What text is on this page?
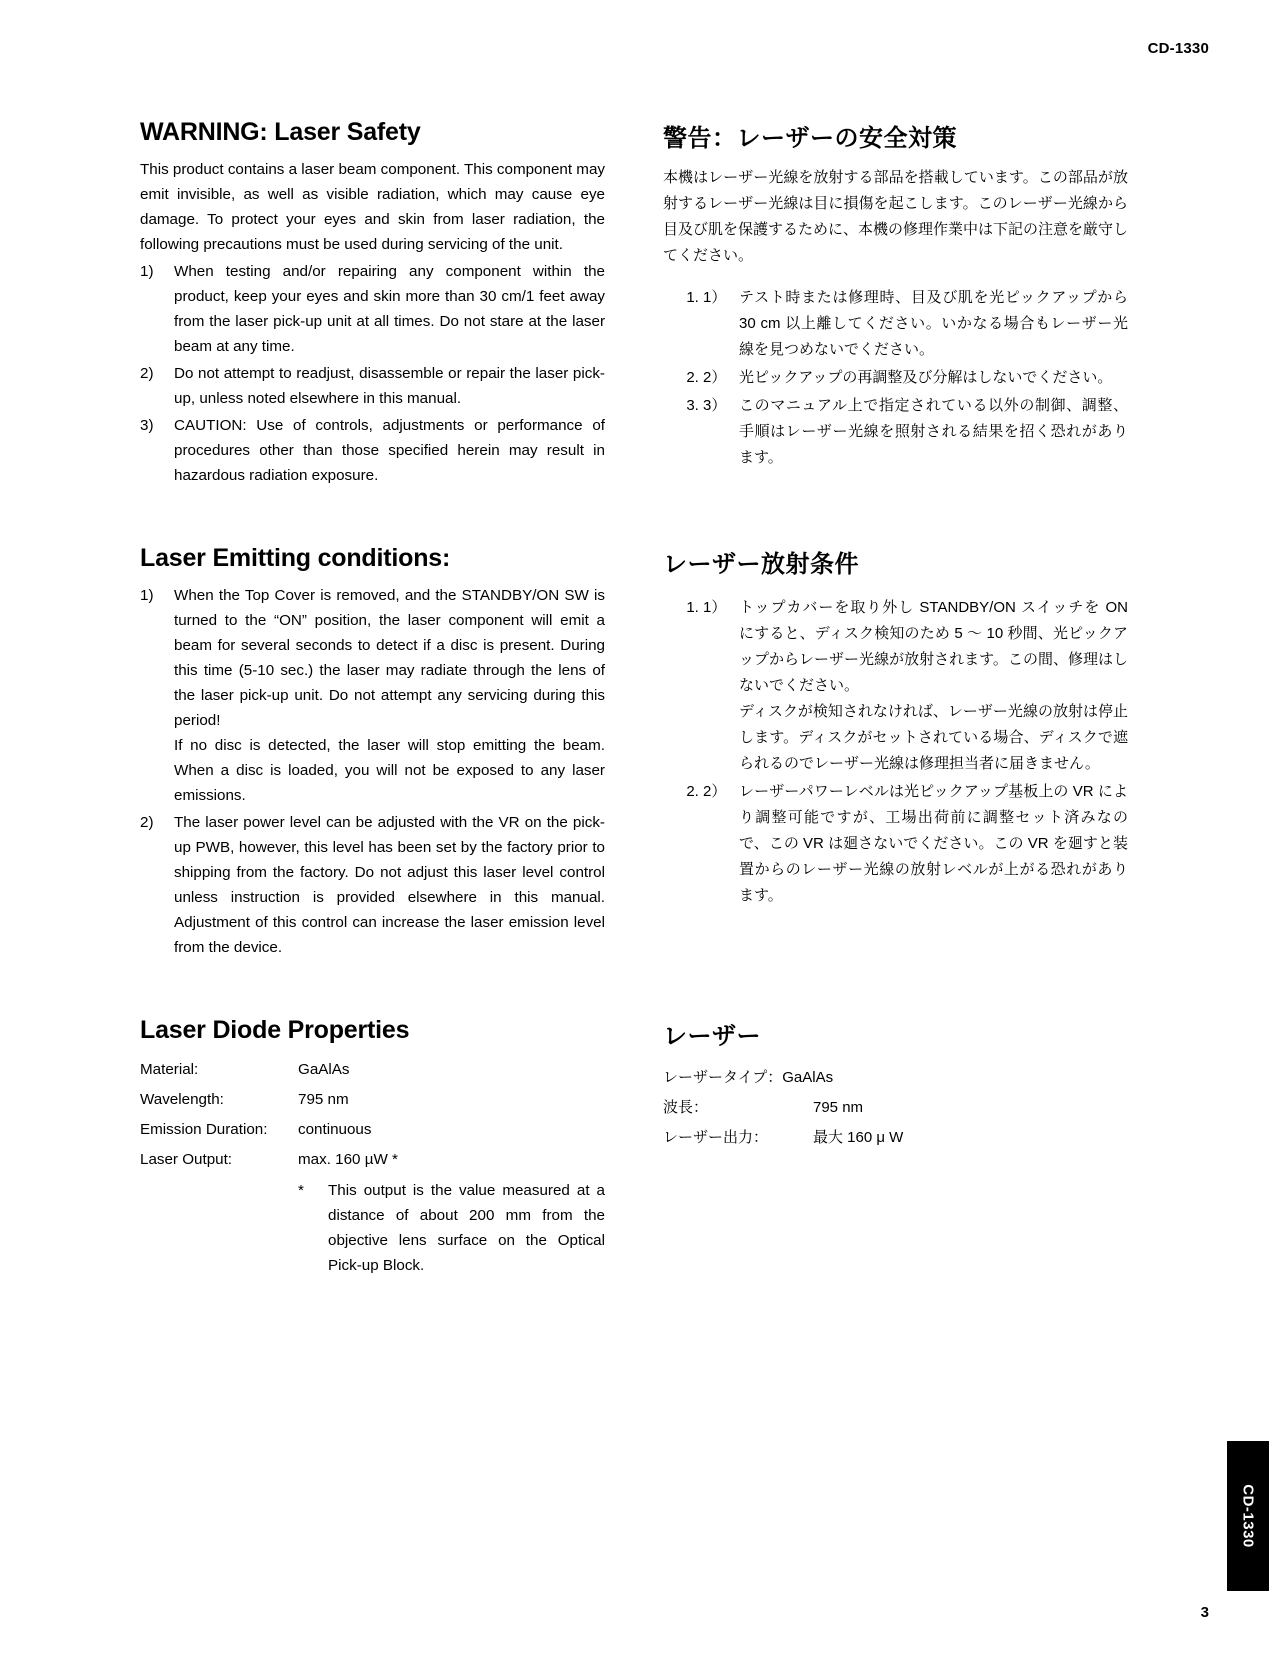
CD-1330
WARNING: Laser Safety

This product contains a laser beam component. This component may emit invisible, as well as visible radiation, which may cause eye damage. To protect your eyes and skin from laser radiation, the following precautions must be used during servicing of the unit.

1) When testing and/or repairing any component within the product, keep your eyes and skin more than 30 cm/1 feet away from the laser pick-up unit at all times. Do not stare at the laser beam at any time.
2) Do not attempt to readjust, disassemble or repair the laser pick-up, unless noted elsewhere in this manual.
3) CAUTION: Use of controls, adjustments or performance of procedures other than those specified herein may result in hazardous radiation exposure.
警告：レーザーの安全対策

本機はレーザー光線を放射する部品を搭載しています。この部品が放射するレーザー光線は目に損傷を起こします。このレーザー光線から目及び肌を保護するために、本機の修理作業中は下記の注意を厳守してください。

1. 1） テスト時または修理時、目及び肌を光ピックアップから 30 cm 以上離してください。いかなる場合もレーザー光線を見つめないでください。
2. 2） 光ピックアップの再調整及び分解はしないでください。
3. 3） このマニュアル上で指定されている以外の制御、調整、手順はレーザー光線を照射される結果を招く恐れがあります。
Laser Emitting conditions:
1) When the Top Cover is removed, and the STANDBY/ON SW is turned to the “ON” position, the laser component will emit a beam for several seconds to detect if a disc is present. During this time (5-10 sec.) the laser may radiate through the lens of the laser pick-up unit. Do not attempt any servicing during this period!
If no disc is detected, the laser will stop emitting the beam. When a disc is loaded, you will not be exposed to any laser emissions.
2) The laser power level can be adjusted with the VR on the pick-up PWB, however, this level has been set by the factory prior to shipping from the factory. Do not adjust this laser level control unless instruction is provided elsewhere in this manual. Adjustment of this control can increase the laser emission level from the device.
レーザー放射条件
1. 1） トップカバーを取り外し STANDBY/ON スイッチを ON にすると、ディスク検知のため 5 〜 10 秒間、光ピックアップからレーザー光線が放射されます。この間、修理はしないでください。
ディスクが検知されなければ、レーザー光線の放射は停止します。ディスクがセットされている場合、ディスクで遮られるのでレーザー光線は修理担当者に届きません。
2. 2） レーザーパワーレベルは光ピックアップ基板上の VR により調整可能ですが、工場出荷前に調整セット済みなので、この VR は廻さないでください。この VR を廻すと装置からのレーザー光線の放射レベルが上がる恐れがあります。
Laser Diode Properties
Material:	GaAlAs
Wavelength:	795 nm
Emission Duration:	continuous
Laser Output:	max. 160 µW *
*	This output is the value measured at a distance of about 200 mm from the objective lens surface on the Optical Pick-up Block.
レーザー
レーザータイプ： GaAlAs
波長：	795 nm
レーザー出力：	最大 160 μ W
CD-1330
3
